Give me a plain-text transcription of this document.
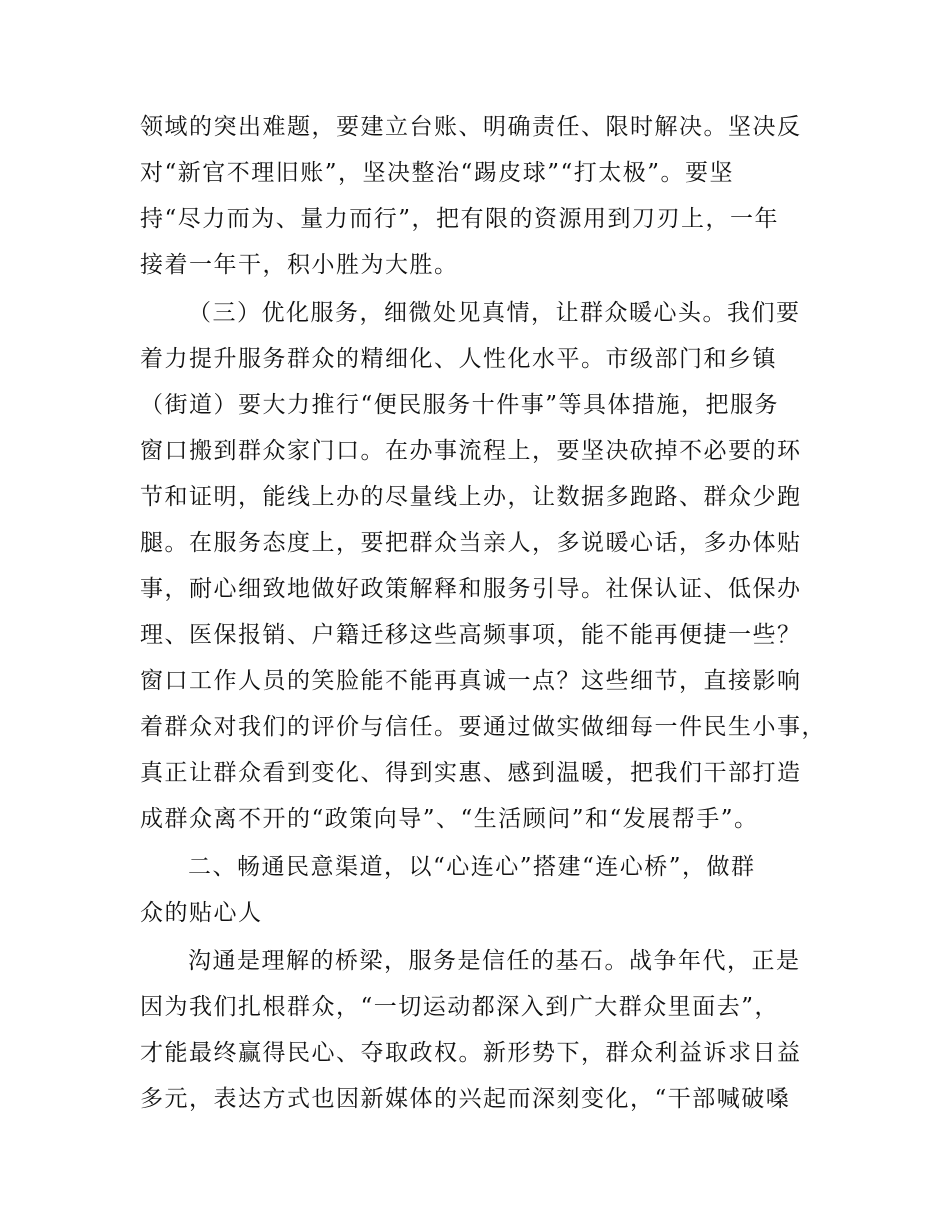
领域的突出难题，要建立台账、明确责任、限时解决。坚决反
对“新官不理旧账”，坚决整治“踢皮球”“打太极”。要坚
持“尽力而为、量力而行”，把有限的资源用到刀刃上，一年
接着一年干，积小胜为大胜。
（三）优化服务，细微处见真情，让群众暖心头。我们要
着力提升服务群众的精细化、人性化水平。市级部门和乡镇
（街道）要大力推行“便民服务十件事”等具体措施，把服务
窗口搬到群众家门口。在办事流程上，要坚决砍掉不必要的环
节和证明，能线上办的尽量线上办，让数据多跑路、群众少跑
腿。在服务态度上，要把群众当亲人，多说暖心话，多办体贴
事，耐心细致地做好政策解释和服务引导。社保认证、低保办
理、医保报销、户籍迁移这些高频事项，能不能再便捷一些？
窗口工作人员的笑脸能不能再真诚一点？这些细节，直接影响
着群众对我们的评价与信任。要通过做实做细每一件民生小事，
真正让群众看到变化、得到实惠、感到温暖，把我们干部打造
成群众离不开的“政策向导”、“生活顾问”和“发展帮手”。
二、畅通民意渠道，以“心连心”搭建“连心桥”，做群
众的贴心人
沟通是理解的桥梁，服务是信任的基石。战争年代，正是
因为我们扎根群众，“一切运动都深入到广大群众里面去”，
才能最终赢得民心、夺取政权。新形势下，群众利益诉求日益
多元，表达方式也因新媒体的兴起而深刻变化，“干部喊破嗓
